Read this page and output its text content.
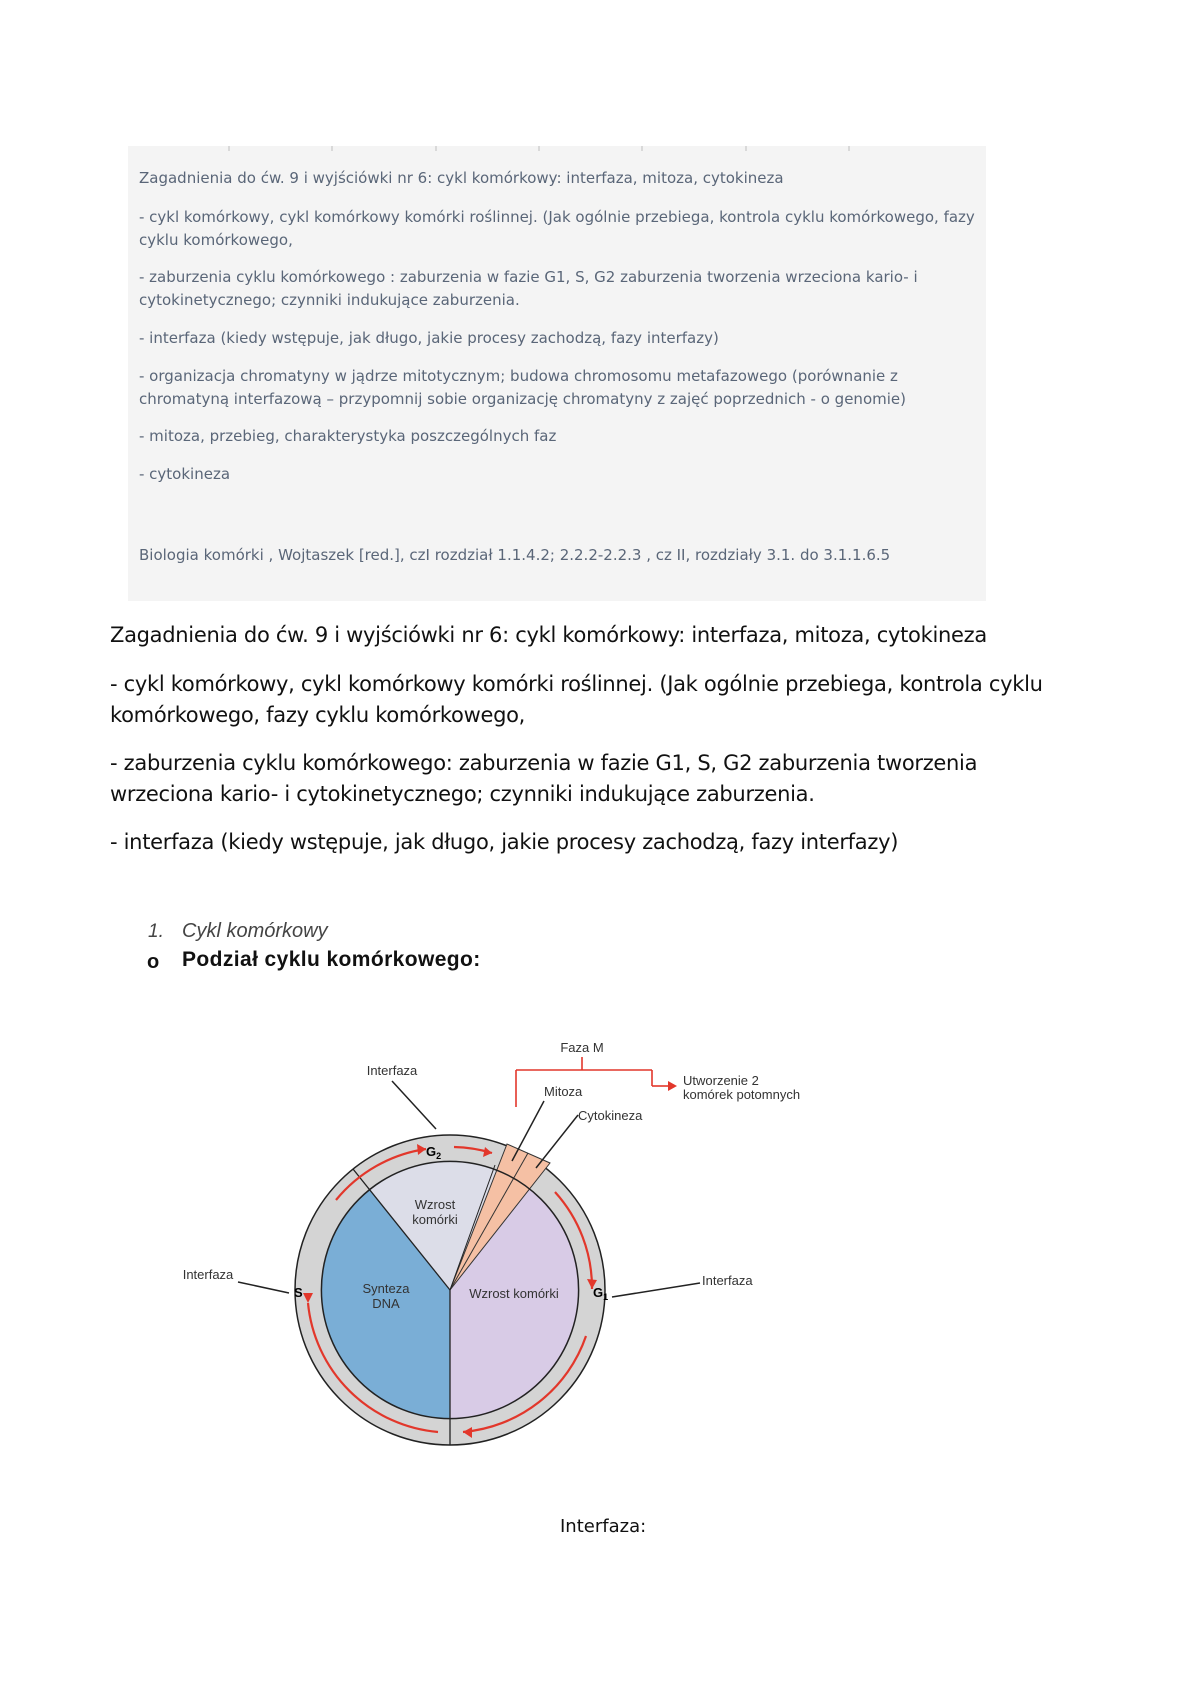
Zagadnienia do ćw. 9 i wyjściówki nr 6: cykl komórkowy: interfaza, mitoza, cytokineza

- cykl komórkowy, cykl komórkowy komórki roślinnej. (Jak ogólnie przebiega, kontrola cyklu komórkowego, fazy cyklu komórkowego,

- zaburzenia cyklu komórkowego : zaburzenia w fazie G1, S, G2 zaburzenia tworzenia wrzeciona kario- i cytokinetycznego; czynniki indukujące zaburzenia.

- interfaza (kiedy wstępuje, jak długo, jakie procesy zachodzą, fazy interfazy)

- organizacja chromatyny w jądrze mitotycznym; budowa chromosomu metafazowego (porównanie z chromatyną interfazową – przypomnij sobie organizację chromatyny z zajęć poprzednich - o genomie)

- mitoza, przebieg, charakterystyka poszczególnych faz

- cytokineza

Biologia komórki , Wojtaszek [red.], czI rozdział 1.1.4.2; 2.2.2-2.2.3 , cz II, rozdziały 3.1. do 3.1.1.6.5

Zagadnienia do ćw. 9 i wyjściówki nr 6: cykl komórkowy: interfaza, mitoza, cytokineza

- cykl komórkowy, cykl komórkowy komórki roślinnej. (Jak ogólnie przebiega, kontrola cyklu

komórkowego, fazy cyklu komórkowego,

- zaburzenia cyklu komórkowego: zaburzenia w fazie G1, S, G2 zaburzenia tworzenia

wrzeciona kario- i cytokinetycznego; czynniki indukujące zaburzenia.

- interfaza (kiedy wstępuje, jak długo, jakie procesy zachodzą, fazy interfazy)

1. Cykl komórkowy
o Podział cyklu komórkowego:
$G_2$
$G_1$
S
Wzrost
komórki
Synteza
DNA
Wzrost komórki
Faza M
Utworzenie 2
komórek potomnych
Mitoza
Cytokineza
Interfaza
Interfaza	Interfaza
Interfaza:
